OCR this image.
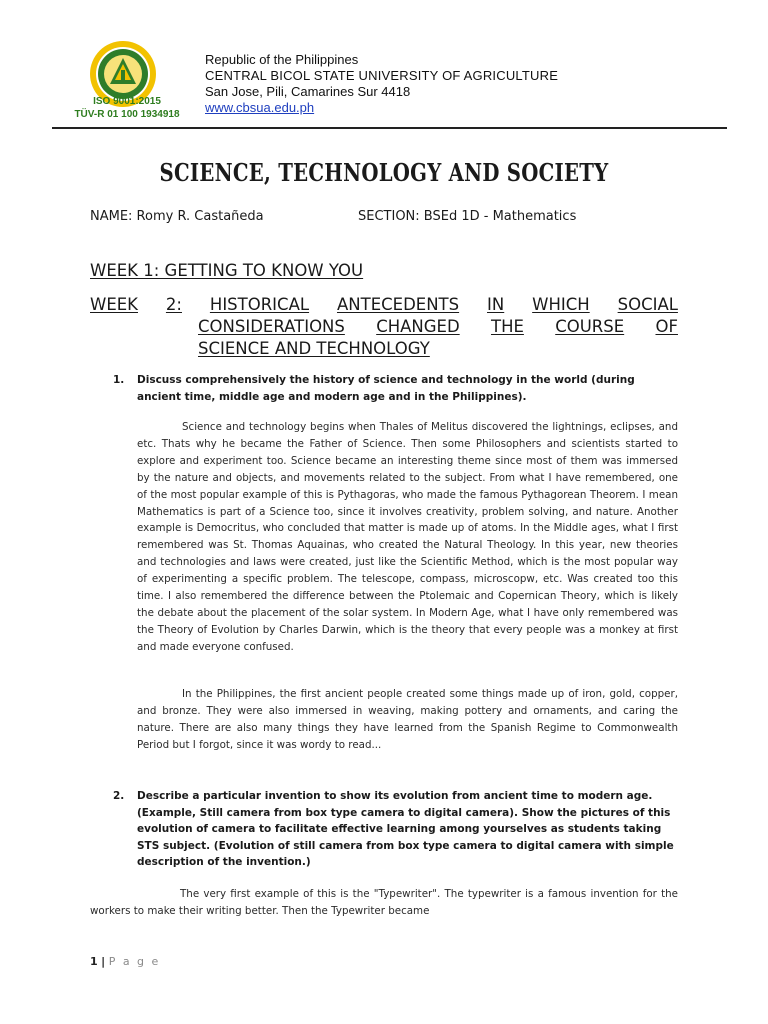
ISO 9001:2015
TÜV-R 01 100 1934918
Republic of the Philippines
CENTRAL BICOL STATE UNIVERSITY OF AGRICULTURE
San Jose, Pili, Camarines Sur 4418
www.cbsua.edu.ph
SCIENCE, TECHNOLOGY AND SOCIETY
NAME: Romy R. Castañeda	SECTION: BSEd 1D - Mathematics
WEEK 1: GETTING TO KNOW YOU
WEEK 2: HISTORICAL ANTECEDENTS IN WHICH SOCIAL
CONSIDERATIONS CHANGED THE COURSE OF
SCIENCE AND TECHNOLOGY
1. Discuss comprehensively the history of science and technology in the world (during ancient time, middle age and modern age and in the Philippines).
Science and technology begins when Thales of Melitus discovered the lightnings, eclipses, and etc. Thats why he became the Father of Science. Then some Philosophers and scientists started to explore and experiment too. Science became an interesting theme since most of them was immersed by the nature and objects, and movements related to the subject. From what I have remembered, one of the most popular example of this is Pythagoras, who made the famous Pythagorean Theorem. I mean Mathematics is part of a Science too, since it involves creativity, problem solving, and nature. Another example is Democritus, who concluded that matter is made up of atoms. In the Middle ages, what I first remembered was St. Thomas Aquainas, who created the Natural Theology. In this year, new theories and technologies and laws were created, just like the Scientific Method, which is the most popular way of experimenting a specific problem. The telescope, compass, microscopw, etc. Was created too this time. I also remembered the difference between the Ptolemaic and Copernican Theory, which is likely the debate about the placement of the solar system. In Modern Age, what I have only remembered was the Theory of Evolution by Charles Darwin, which is the theory that every people was a monkey at first and made everyone confused.
In the Philippines, the first ancient people created some things made up of iron, gold, copper, and bronze. They were also immersed in weaving, making pottery and ornaments, and caring the nature. There are also many things they have learned from the Spanish Regime to Commonwealth Period but I forgot, since it was wordy to read...
2. Describe a particular invention to show its evolution from ancient time to modern age. (Example, Still camera from box type camera to digital camera). Show the pictures of this evolution of camera to facilitate effective learning among yourselves as students taking STS subject. (Evolution of still camera from box type camera to digital camera with simple description of the invention.)
The very first example of this is the "Typewriter". The typewriter is a famous invention for the workers to make their writing better. Then the Typewriter became
1 | P a g e
